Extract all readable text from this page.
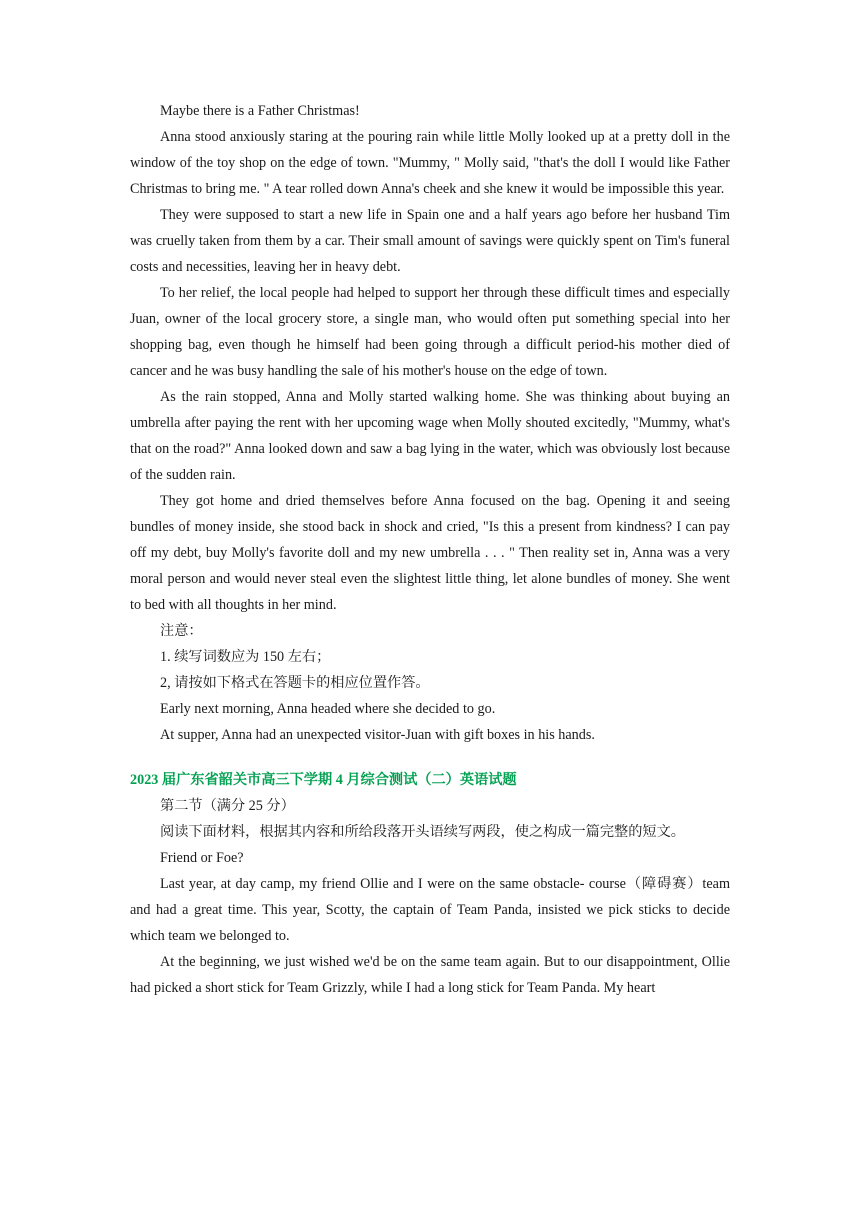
Maybe there is a Father Christmas!

Anna stood anxiously staring at the pouring rain while little Molly looked up at a pretty doll in the window of the toy shop on the edge of town. "Mummy, " Molly said, "that's the doll I would like Father Christmas to bring me. " A tear rolled down Anna's cheek and she knew it would be impossible this year.

They were supposed to start a new life in Spain one and a half years ago before her husband Tim was cruelly taken from them by a car. Their small amount of savings were quickly spent on Tim's funeral costs and necessities, leaving her in heavy debt.

To her relief, the local people had helped to support her through these difficult times and especially Juan, owner of the local grocery store, a single man, who would often put something special into her shopping bag, even though he himself had been going through a difficult period-his mother died of cancer and he was busy handling the sale of his mother's house on the edge of town.

As the rain stopped, Anna and Molly started walking home. She was thinking about buying an umbrella after paying the rent with her upcoming wage when Molly shouted excitedly, "Mummy, what's that on the road?" Anna looked down and saw a bag lying in the water, which was obviously lost because of the sudden rain.

They got home and dried themselves before Anna focused on the bag. Opening it and seeing bundles of money inside, she stood back in shock and cried, "Is this a present from kindness? I can pay off my debt, buy Molly's favorite doll and my new umbrella . . . " Then reality set in, Anna was a very moral person and would never steal even the slightest little thing, let alone bundles of money. She went to bed with all thoughts in her mind.

注意：

1. 续写词数应为 150 左右；

2, 请按如下格式在答题卡的相应位置作答。

Early next morning, Anna headed where she decided to go.

At supper, Anna had an unexpected visitor-Juan with gift boxes in his hands.

2023 届广东省韶关市高三下学期 4 月综合测试（二）英语试题

第二节（满分 25 分）

阅读下面材料，根据其内容和所给段落开头语续写两段，使之构成一篇完整的短文。

Friend or Foe?

Last year, at day camp, my friend Ollie and I were on the same obstacle- course（障碍赛）team and had a great time. This year, Scotty, the captain of Team Panda, insisted we pick sticks to decide which team we belonged to.

At the beginning, we just wished we'd be on the same team again. But to our disappointment, Ollie had picked a short stick for Team Grizzly, while I had a long stick for Team Panda. My heart
